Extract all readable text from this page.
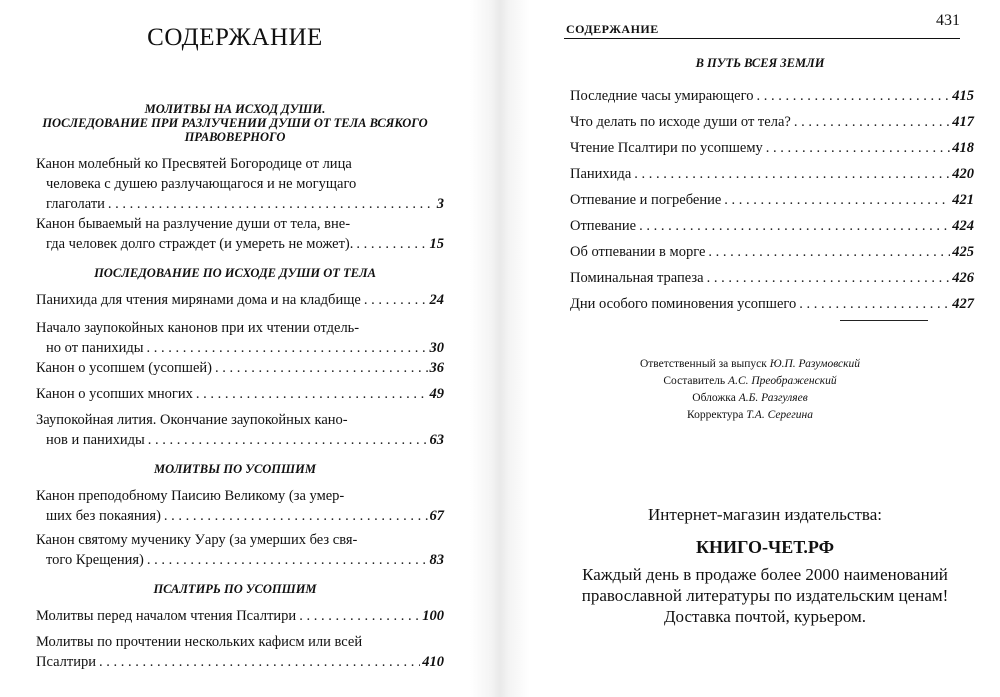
СОДЕРЖАНИЕ
МОЛИТВЫ НА ИСХОД ДУШИ.
ПОСЛЕДОВАНИЕ ПРИ РАЗЛУЧЕНИИ ДУШИ ОТ ТЕЛА ВСЯКОГО
ПРАВОВЕРНОГО
Канон молебный ко Пресвятей Богородице от лица
человека с душею разлучающагося и не могущаго
глаголати . . .	3
Канон бываемый на разлучение души от тела, вне-
гда человек долго страждет (и умереть не может). . . .	15
ПОСЛЕДОВАНИЕ ПО ИСХОДЕ ДУШИ ОТ ТЕЛА
Панихида для чтения мирянами дома и на кладбище . . .	24
Начало заупокойных канонов при их чтении отдель-
но от панихиды . . .	30
Канон о усопшем (усопшей) . . .	36
Канон о усопших многих . . .	49
Заупокойная лития. Окончание заупокойных кано-
нов и панихиды . . .	63
МОЛИТВЫ ПО УСОПШИМ
Канон преподобному Паисию Великому (за умер-
ших без покаяния) . . .	67
Канон святому мученику Уару (за умерших без свя-
того Крещения) . . .	83
ПСАЛТИРЬ ПО УСОПШИМ
Молитвы перед началом чтения Псалтири . . .	100
Молитвы по прочтении нескольких кафисм или всей
Псалтири . . .	410
СОДЕРЖАНИЕ	431
В ПУТЬ ВСЕЯ ЗЕМЛИ
Последние часы умирающего . . .	415
Что делать по исходе души от тела? . . .	417
Чтение Псалтири по усопшему . . .	418
Панихида . . .	420
Отпевание и погребение . . .	421
Отпевание . . .	424
Об отпевании в морге . . .	425
Поминальная трапеза . . .	426
Дни особого поминовения усопшего . . .	427
Ответственный за выпуск Ю.П. Разумовский
Составитель А.С. Преображенский
Обложка А.Б. Разгуляев
Корректура Т.А. Серегина
Интернет-магазин издательства:
КНИГО-ЧЕТ.РФ
Каждый день в продаже более 2000 наименований
православной литературы по издательским ценам!
Доставка почтой, курьером.
